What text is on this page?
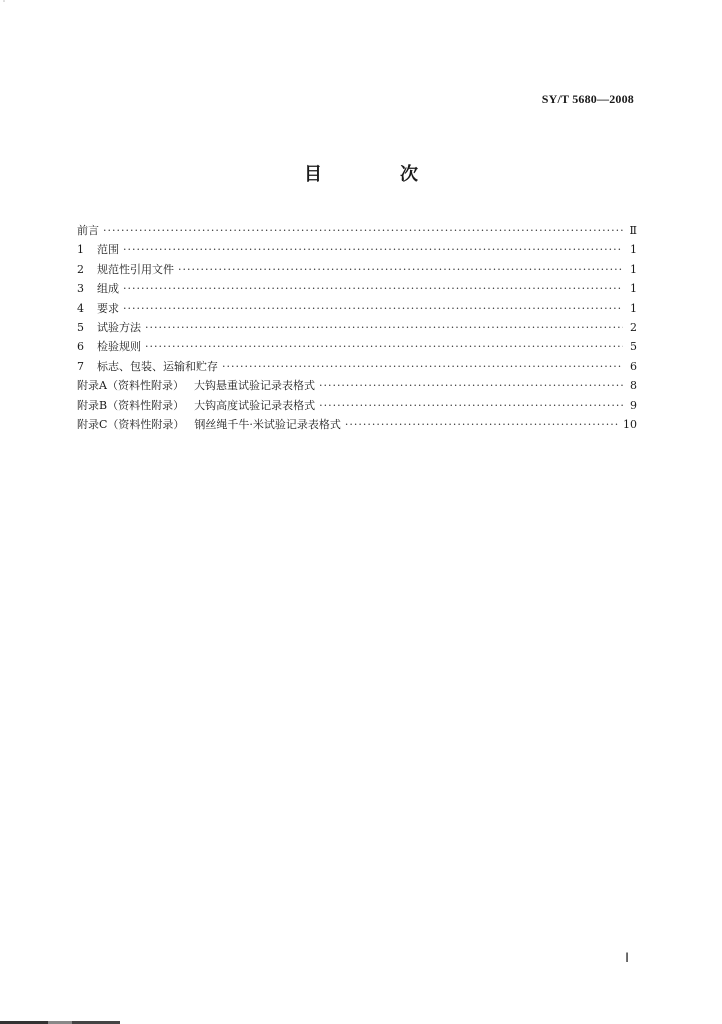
˙
SY/T 5680—2008
目　次
前言 ·····	Ⅱ
1	范围 ·····	1
2	规范性引用文件 ·····	1
3	组成 ·····	1
4	要求 ·····	1
5	试验方法 ·····	2
6	检验规则 ·····	5
7	标志、包装、运输和贮存 ·····	6
附录A（资料性附录） 大钩悬重试验记录表格式 ·····	8
附录B（资料性附录） 大钩高度试验记录表格式 ·····	9
附录C（资料性附录） 钢丝绳千牛·米试验记录表格式 ·····	10
Ⅰ
